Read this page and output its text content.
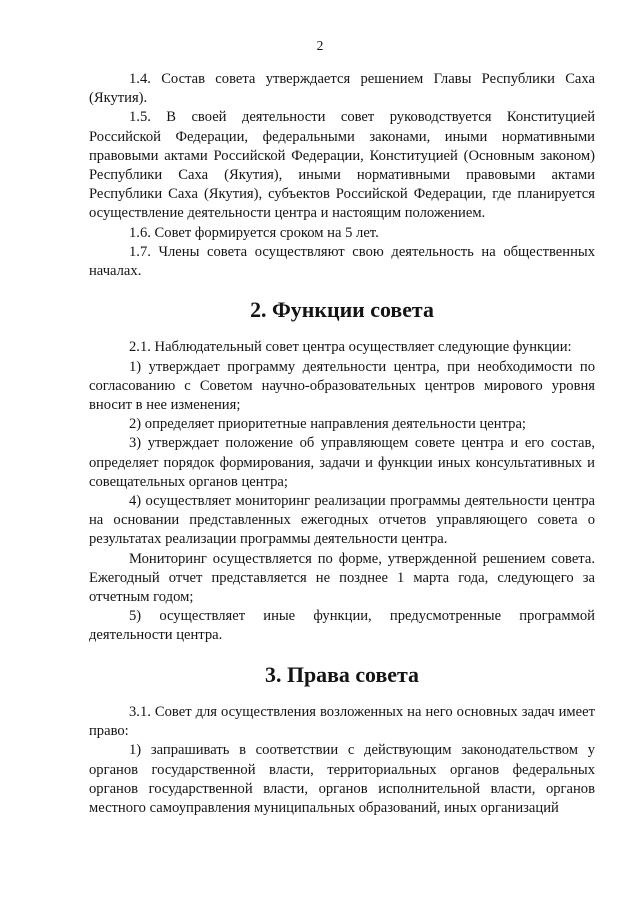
2

1.4. Состав совета утверждается решением Главы Республики Саха (Якутия).

1.5. В своей деятельности совет руководствуется Конституцией Российской Федерации, федеральными законами, иными нормативными правовыми актами Российской Федерации, Конституцией (Основным законом) Республики Саха (Якутия), иными нормативными правовыми актами Республики Саха (Якутия), субъектов Российской Федерации, где планируется осуществление деятельности центра и настоящим положением.

1.6. Совет формируется сроком на 5 лет.

1.7. Члены совета осуществляют свою деятельность на общественных началах.

2. Функции совета

2.1. Наблюдательный совет центра осуществляет следующие функции:

1) утверждает программу деятельности центра, при необходимости по согласованию с Советом научно-образовательных центров мирового уровня вносит в нее изменения;

2) определяет приоритетные направления деятельности центра;

3) утверждает положение об управляющем совете центра и его состав, определяет порядок формирования, задачи и функции иных консультативных и совещательных органов центра;

4) осуществляет мониторинг реализации программы деятельности центра на основании представленных ежегодных отчетов управляющего совета о результатах реализации программы деятельности центра.

Мониторинг осуществляется по форме, утвержденной решением совета. Ежегодный отчет представляется не позднее 1 марта года, следующего за отчетным годом;

5) осуществляет иные функции, предусмотренные программой деятельности центра.

3. Права совета

3.1. Совет для осуществления возложенных на него основных задач имеет право:

1) запрашивать в соответствии с действующим законодательством у органов государственной власти, территориальных органов федеральных органов государственной власти, органов исполнительной власти, органов местного самоуправления муниципальных образований, иных организаций
